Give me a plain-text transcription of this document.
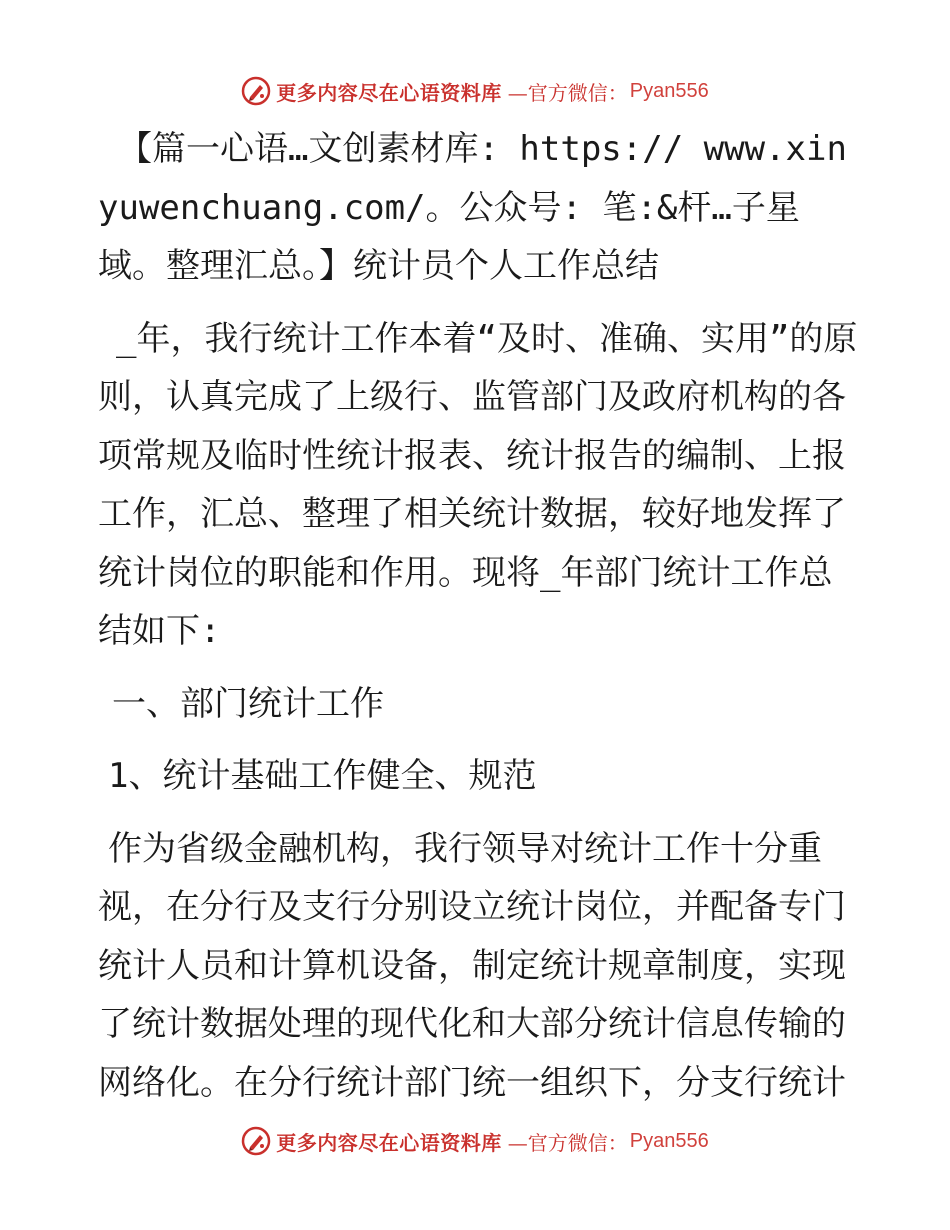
更多内容尽在心语资料库 —官方微信： Pyan556

【篇一心语…文创素材库: https:// www.xinyuwenchuang.com/。公众号: 笔:&杆…子星域。整理汇总。】统计员个人工作总结

_年，我行统计工作本着“及时、准确、实用”的原则，认真完成了上级行、监管部门及政府机构的各项常规及临时性统计报表、统计报告的编制、上报工作，汇总、整理了相关统计数据，较好地发挥了统计岗位的职能和作用。现将_年部门统计工作总结如下:

一、部门统计工作

1、统计基础工作健全、规范

作为省级金融机构，我行领导对统计工作十分重视，在分行及支行分别设立统计岗位，并配备专门统计人员和计算机设备，制定统计规章制度，实现了统计数据处理的现代化和大部分统计信息传输的网络化。在分行统计部门统一组织下，分支行统计

更多内容尽在心语资料库 —官方微信： Pyan556
